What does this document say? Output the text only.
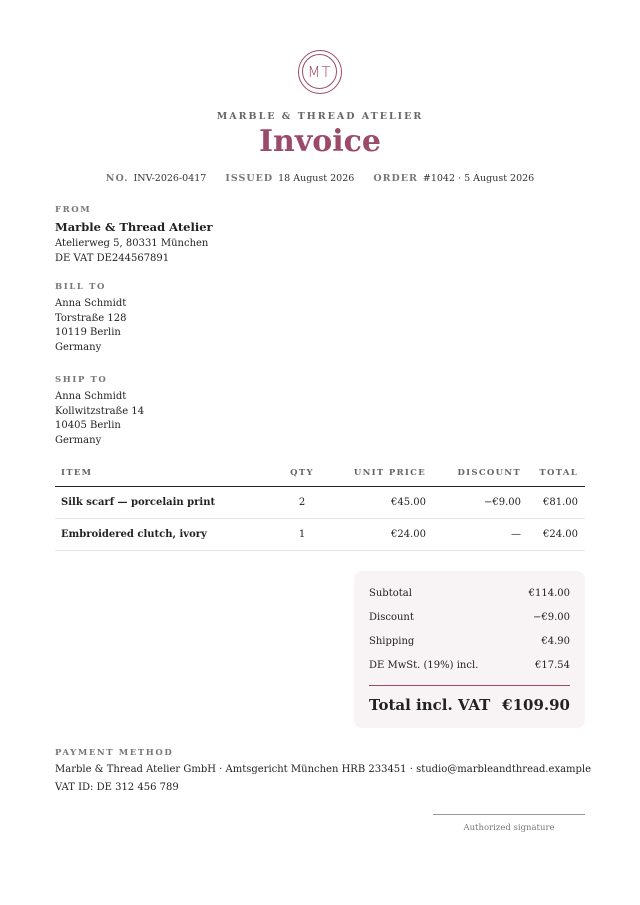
MT
MARBLE & THREAD ATELIER
Invoice
NO. INV-2026-0417 ISSUED 18 August 2026 ORDER #1042 · 5 August 2026
FROM
Marble & Thread Atelier
Atelierweg 5, 80331 München
DE VAT DE244567891
BILL TO
Anna Schmidt
Torstraße 128
10119 Berlin
Germany
SHIP TO
Anna Schmidt
Kollwitzstraße 14
10405 Berlin
Germany
ITEM	QTY	UNIT PRICE	DISCOUNT	TOTAL
Silk scarf — porcelain print	2	€45.00	−€9.00	€81.00
Embroidered clutch, ivory	1	€24.00	—	€24.00
Subtotal	€114.00
Discount	−€9.00
Shipping	€4.90
DE MwSt. (19%) incl.	€17.54
Total incl. VAT €109.90
PAYMENT METHOD
Marble & Thread Atelier GmbH · Amtsgericht München HRB 233451 · studio@marbleandthread.example
VAT ID: DE 312 456 789
Authorized signature
